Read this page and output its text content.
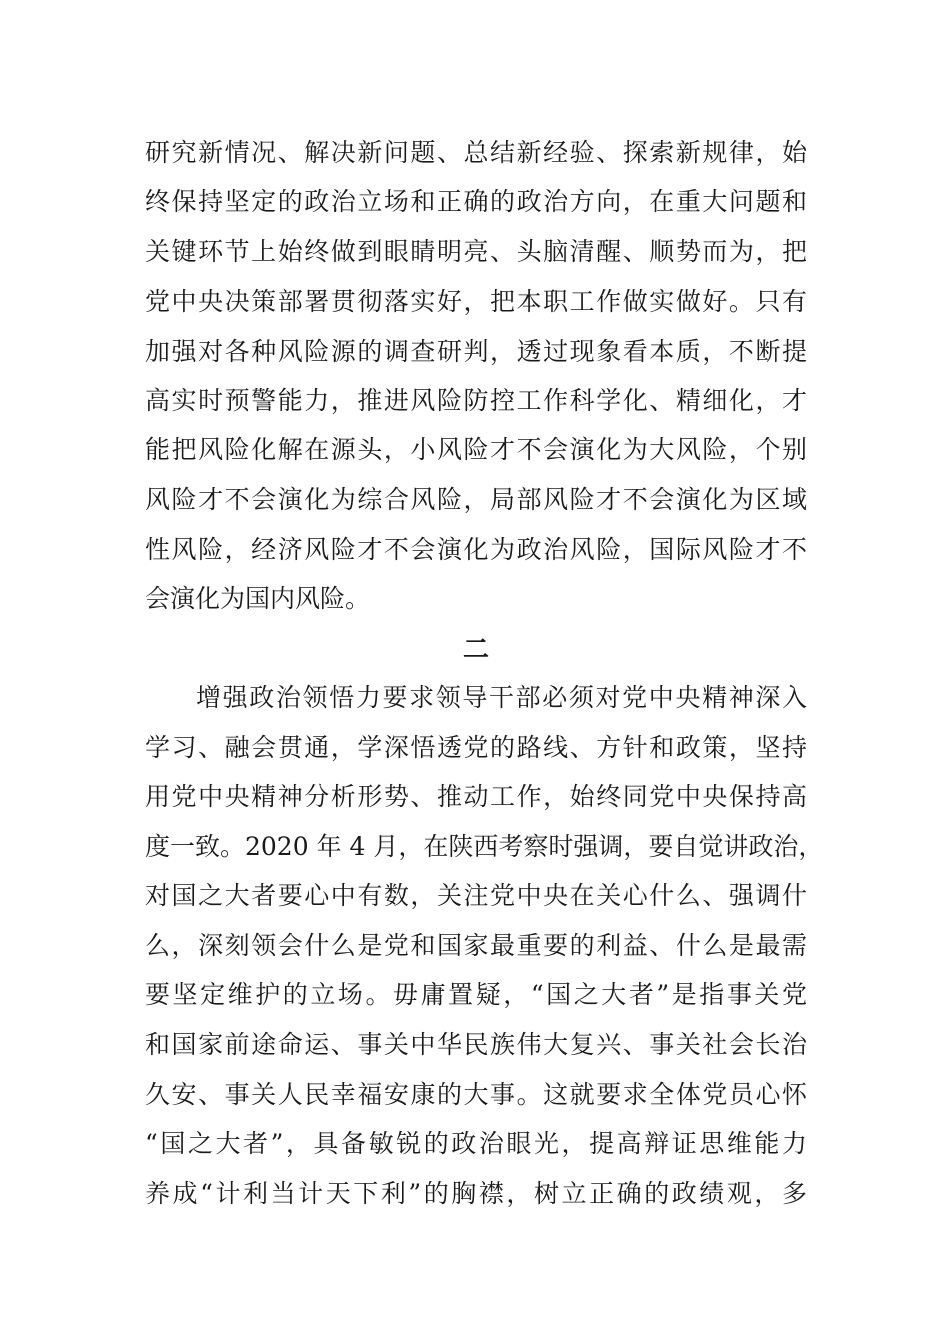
研究新情况、解决新问题、总结新经验、探索新规律，始
终保持坚定的政治立场和正确的政治方向，在重大问题和
关键环节上始终做到眼睛明亮、头脑清醒、顺势而为，把
党中央决策部署贯彻落实好，把本职工作做实做好。只有
加强对各种风险源的调查研判，透过现象看本质，不断提
高实时预警能力，推进风险防控工作科学化、精细化，才
能把风险化解在源头，小风险才不会演化为大风险，个别
风险才不会演化为综合风险，局部风险才不会演化为区域
性风险，经济风险才不会演化为政治风险，国际风险才不
会演化为国内风险。
二
增强政治领悟力要求领导干部必须对党中央精神深入
学习、融会贯通，学深悟透党的路线、方针和政策，坚持
用党中央精神分析形势、推动工作，始终同党中央保持高
度一致。2020 年 4 月，在陕西考察时强调，要自觉讲政治，
对国之大者要心中有数，关注党中央在关心什么、强调什
么，深刻领会什么是党和国家最重要的利益、什么是最需
要坚定维护的立场。毋庸置疑，“国之大者”是指事关党
和国家前途命运、事关中华民族伟大复兴、事关社会长治
久安、事关人民幸福安康的大事。这就要求全体党员心怀
“国之大者”，具备敏锐的政治眼光，提高辩证思维能力
养成“计利当计天下利”的胸襟，树立正确的政绩观，多
